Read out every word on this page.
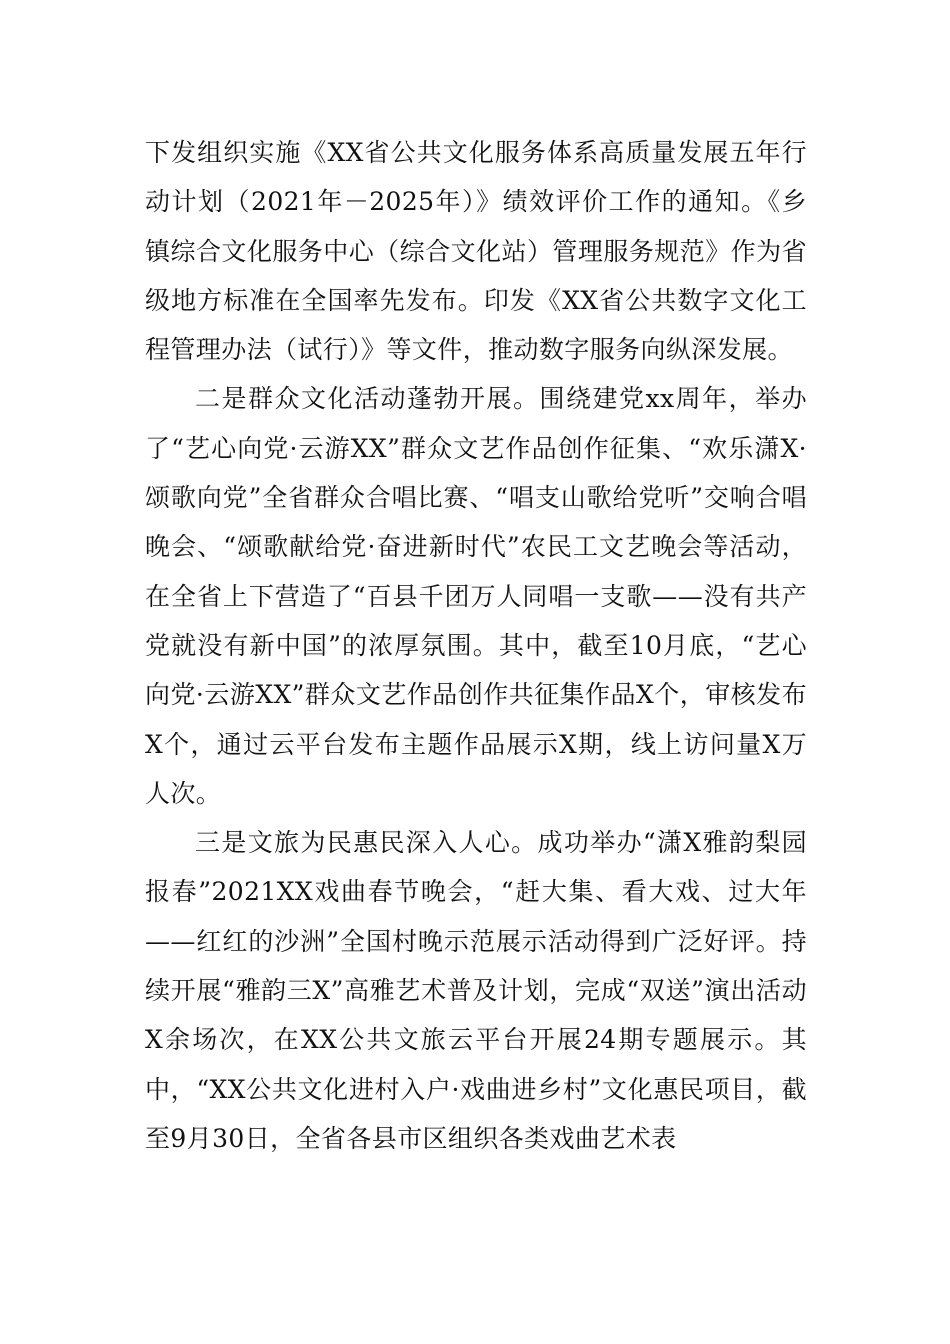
下发组织实施《XX省公共文化服务体系高质量发展五年行动计划（2021年－2025年）》绩效评价工作的通知。《乡镇综合文化服务中心（综合文化站）管理服务规范》作为省级地方标准在全国率先发布。印发《XX省公共数字文化工程管理办法（试行）》等文件，推动数字服务向纵深发展。

二是群众文化活动蓬勃开展。围绕建党xx周年，举办了“艺心向党·云游XX”群众文艺作品创作征集、“欢乐潇X·颂歌向党”全省群众合唱比赛、“唱支山歌给党听”交响合唱晚会、“颂歌献给党·奋进新时代”农民工文艺晚会等活动，在全省上下营造了“百县千团万人同唱一支歌——没有共产党就没有新中国”的浓厚氛围。其中，截至10月底，“艺心向党·云游XX”群众文艺作品创作共征集作品X个，审核发布X个，通过云平台发布主题作品展示X期，线上访问量X万人次。

三是文旅为民惠民深入人心。成功举办“潇X雅韵梨园报春”2021XX戏曲春节晚会，“赶大集、看大戏、过大年——红红的沙洲”全国村晚示范展示活动得到广泛好评。持续开展“雅韵三X”高雅艺术普及计划，完成“双送”演出活动X余场次，在XX公共文旅云平台开展24期专题展示。其中，“XX公共文化进村入户·戏曲进乡村”文化惠民项目，截至9月30日，全省各县市区组织各类戏曲艺术表
